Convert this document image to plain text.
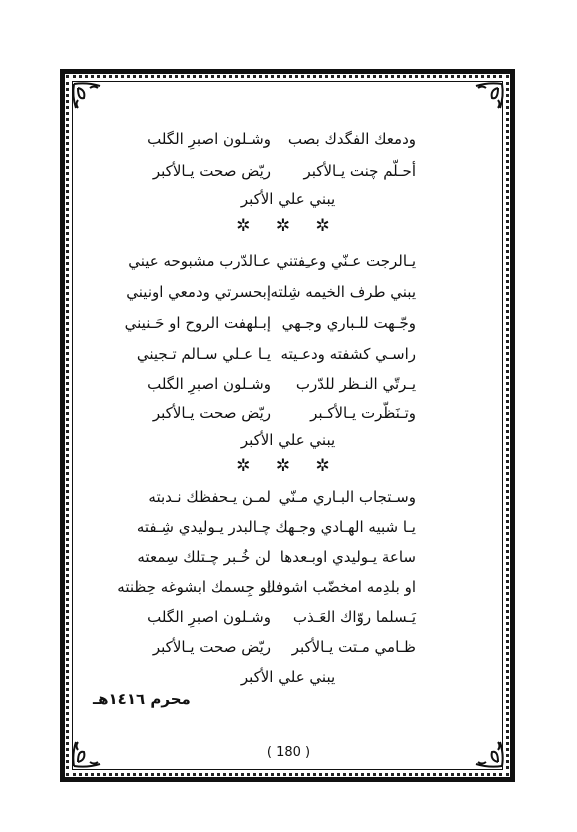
ودمعك الفگدك بصب
وشـلون اصبرِ الگلب
أحـلّم چنت يـالأكبر
ريّض صحت يـالأكبر
يبني علي الأكبر
✲ ✲ ✲
يـالرجت عـنّي وعـِفتني
عـالدّرب مشبوحه عيني
يبني طرف الخيمه شِلته
إبحسرتي ودمعي اونيني
وجّـهت للـباري وجـهي
إبـلهفت الروح او حَـنيني
راسـي كشفته ودعـيته
يـا عـلي سـالم تـجيني
يـرتّي النـظر للدّرب
وشـلون اصبرِ الگلب
وتـنَظّرت يـالأكـبر
ريّض صحت يـالأكبر
يبني علي الأكبر
✲ ✲ ✲
وسـتجاب البـاري مـنّي
لمـن يـحفظك نـدبته
يـا شبيه الهـادي وجـهك
چـالبدر يـوليدي شِـفته
ساعة يـوليدي اوبـعدها
لن خُـبر چـتلك سِمعته
او بلدِمه امخضّب اشوفك
او جِسمك ابشوغه حِظنته
يَـسلما روّاك العَـذب
وشـلون اصبرِ الگلب
ظـامي مـتت يـالأكبر
ريّض صحت يـالأكبر
يبني علي الأكبر
محرم ١٤١٦هـ
( 180 )
